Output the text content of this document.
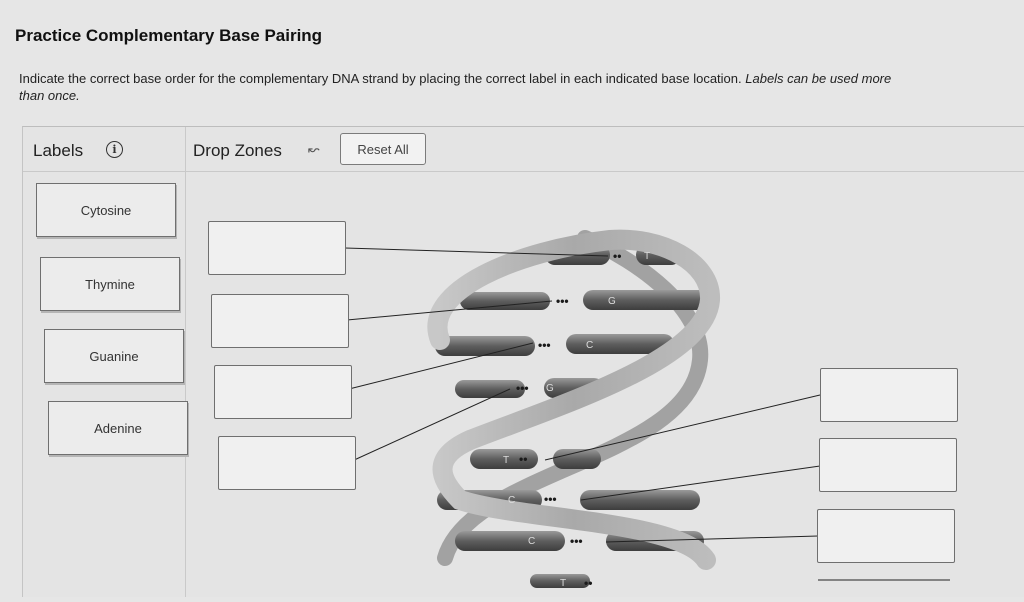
Practice Complementary Base Pairing
Indicate the correct base order for the complementary DNA strand by placing the correct label in each indicated base location. Labels can be used more than once.
Labels	i
Cytosine
Thymine
Guanine
Adenine
Drop Zones ↜	Reset All
T
G
C
G
T
C
C
T
••
•••
•••
•••
••
•••
•••
••
